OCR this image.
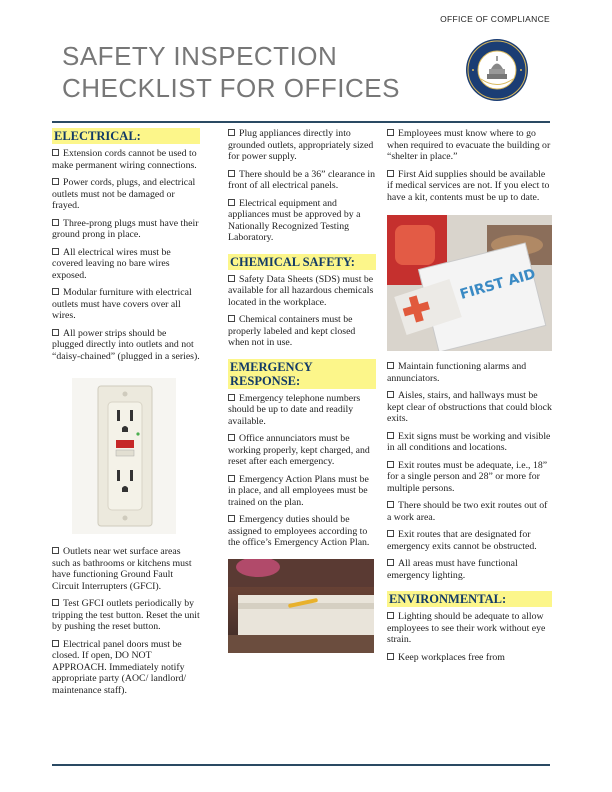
OFFICE OF COMPLIANCE
SAFETY INSPECTION
CHECKLIST FOR OFFICES
ELECTRICAL:
Extension cords cannot be used to make permanent wiring connections.
Power cords, plugs, and electrical outlets must not be damaged or frayed.
Three-prong plugs must have their ground prong in place.
All electrical wires must be covered leaving no bare wires exposed.
Modular furniture with electrical outlets must have covers over all wires.
All power strips should be plugged directly into outlets and not “daisy-chained” (plugged in a series).
Outlets near wet surface areas such as bathrooms or kitchens must have functioning Ground Fault Circuit Interrupters (GFCI).
Test GFCI outlets periodically by tripping the test button. Reset the unit by pushing the reset button.
Electrical panel doors must be closed. If open, DO NOT APPROACH. Immediately notify appropriate party (AOC/ landlord/ maintenance staff).
Plug appliances directly into grounded outlets, appropriately sized for power supply.
There should be a 36” clearance in front of all electrical panels.
Electrical equipment and appliances must be approved by a Nationally Recognized Testing Laboratory.
CHEMICAL SAFETY:
Safety Data Sheets (SDS) must be available for all hazardous chemicals located in the workplace.
Chemical containers must be properly labeled and kept closed when not in use.
EMERGENCY RESPONSE:
Emergency telephone numbers should be up to date and readily available.
Office annunciators must be working properly, kept charged, and reset after each emergency.
Emergency Action Plans must be in place, and all employees must be trained on the plan.
Emergency duties should be assigned to employees according to the office’s Emergency Action Plan.
Employees must know where to go when required to evacuate the building or “shelter in place.”
First Aid supplies should be available if medical services are not. If you elect to have a kit, contents must be up to date.
FIRST AID
Maintain functioning alarms and annunciators.
Aisles, stairs, and hallways must be kept clear of obstructions that could block exits.
Exit signs must be working and visible in all conditions and locations.
Exit routes must be adequate, i.e., 18” for a single person and 28” or more for multiple persons.
There should be two exit routes out of a work area.
Exit routes that are designated for emergency exits cannot be obstructed.
All areas must have functional emergency lighting.
ENVIRONMENTAL:
Lighting should be adequate to allow employees to see their work without eye strain.
Keep workplaces free from
